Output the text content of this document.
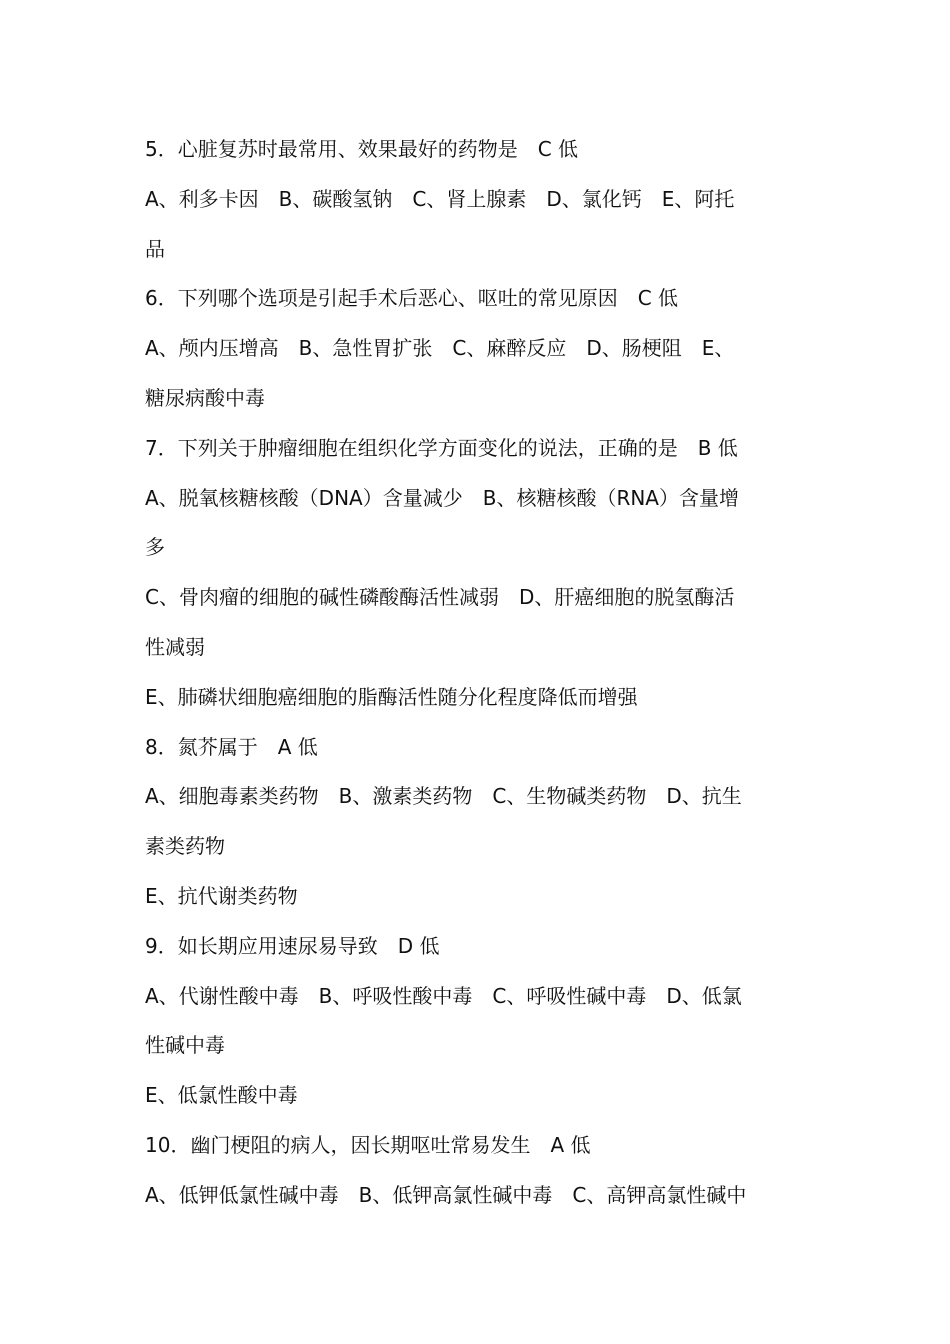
5．心脏复苏时最常用、效果最好的药物是　C 低
A、利多卡因　B、碳酸氢钠　C、肾上腺素　D、氯化钙　E、阿托
品
6．下列哪个选项是引起手术后恶心、呕吐的常见原因　C 低
A、颅内压增高　B、急性胃扩张　C、麻醉反应　D、肠梗阻　E、
糖尿病酸中毒
7．下列关于肿瘤细胞在组织化学方面变化的说法，正确的是　B 低
A、脱氧核糖核酸（DNA）含量减少　B、核糖核酸（RNA）含量增
多
C、骨肉瘤的细胞的碱性磷酸酶活性减弱　D、肝癌细胞的脱氢酶活
性减弱
E、肺磷状细胞癌细胞的脂酶活性随分化程度降低而增强
8．氮芥属于　A 低
A、细胞毒素类药物　B、激素类药物　C、生物碱类药物　D、抗生
素类药物
E、抗代谢类药物
9．如长期应用速尿易导致　D 低
A、代谢性酸中毒　B、呼吸性酸中毒　C、呼吸性碱中毒　D、低氯
性碱中毒
E、低氯性酸中毒
10．幽门梗阻的病人，因长期呕吐常易发生　A 低
A、低钾低氯性碱中毒　B、低钾高氯性碱中毒　C、高钾高氯性碱中
